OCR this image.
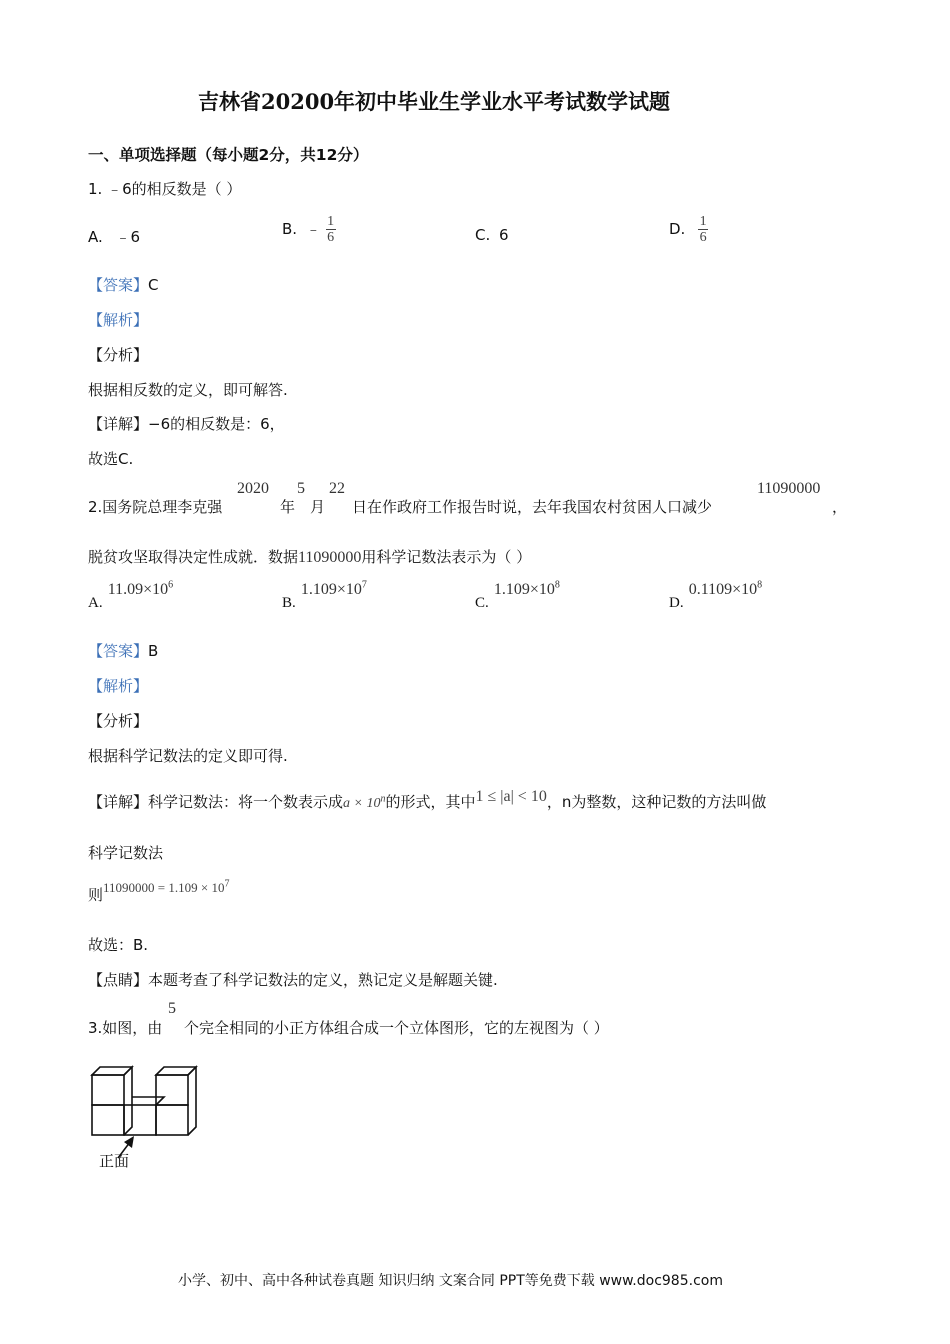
吉林省20200年初中毕业生学业水平考试数学试题
一、单项选择题（每小题2分，共12分）
1. ﹣6的相反数是（ ）
A. ﹣6	B. ﹣ $\frac{1}{6}$	C. 6	D. $\frac{1}{6}$
【答案】C
【解析】
【分析】
根据相反数的定义，即可解答.
【详解】−6的相反数是：6，
故选C.
2.国务院总理李克强
2020
年
5
月
22
日在作政府工作报告时说，去年我国农村贫困人口减少
11090000
，
脱贫攻坚取得决定性成就．数据11090000用科学记数法表示为（ ）
A. $11.09\times 10^6$
B. $1.109\times 10^7$
C. $1.109\times 10^8$
D. $0.1109\times 10^8$
【答案】B
【解析】
【分析】
根据科学记数法的定义即可得.
【详解】科学记数法：将一个数表示成$a \times 10^n$的形式，其中1 ≤ |a| < 10，n为整数，这种记数的方法叫做
科学记数法
则$11090000 = 1.109 \times 10^7$
故选：B.
【点睛】本题考查了科学记数法的定义，熟记定义是解题关键.
3.如图，由
5
个完全相同的小正方体组合成一个立体图形，它的左视图为（ ）
正面
小学、初中、高中各种试卷真题 知识归纳 文案合同 PPT等免费下载 www.doc985.com
